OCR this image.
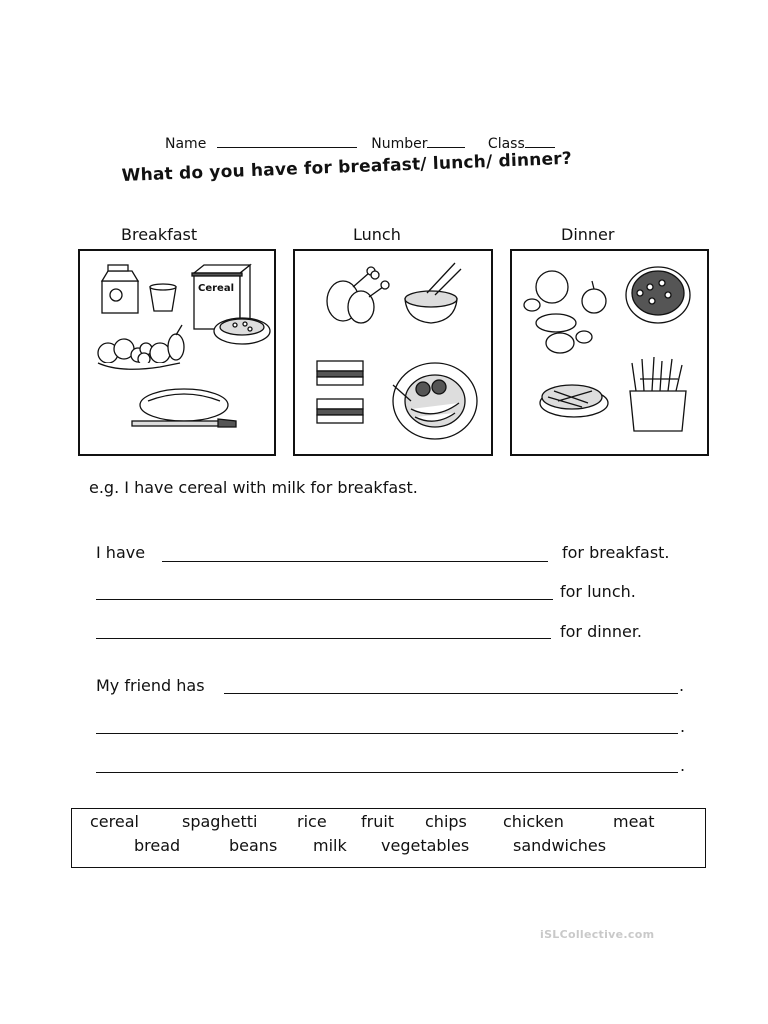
Name	Number	Class
What do you have for breafast/ lunch/ dinner?
Breakfast	Lunch	Dinner
Cereal
e.g. I have cereal with milk for breakfast.
I have	for breakfast.
for lunch.
for dinner.
My friend has	.
.
.
cereal	spaghetti rice fruit chips chicken	meat
bread	beans milk vegetables	sandwiches
iSLCollective.com
